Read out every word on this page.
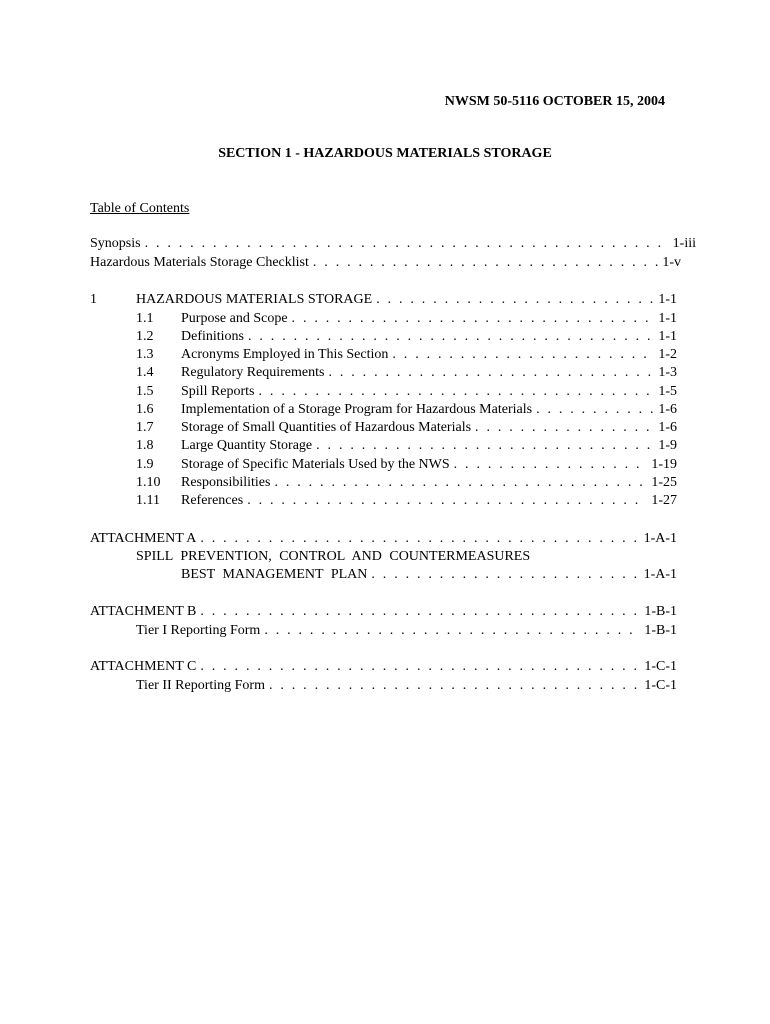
NWSM 50-5116 OCTOBER 15, 2004
SECTION 1 - HAZARDOUS MATERIALS STORAGE
Table of Contents
Synopsis . . .	1-iii
Hazardous Materials Storage Checklist . . .	1-v
1	HAZARDOUS MATERIALS STORAGE . . .	1-1
1.1 Purpose and Scope . . .	1-1
1.2 Definitions . . .	1-1
1.3 Acronyms Employed in This Section . . .	1-2
1.4 Regulatory Requirements . . .	1-3
1.5 Spill Reports . . .	1-5
1.6 Implementation of a Storage Program for Hazardous Materials . . .	1-6
1.7 Storage of Small Quantities of Hazardous Materials . . .	1-6
1.8 Large Quantity Storage . . .	1-9
1.9 Storage of Specific Materials Used by the NWS . . .	1-19
1.10 Responsibilities . . .	1-25
1.11 References . . .	1-27
ATTACHMENT A . . .	1-A-1
SPILL PREVENTION, CONTROL AND COUNTERMEASURES
BEST MANAGEMENT PLAN . . .	1-A-1
ATTACHMENT B . . .	1-B-1
Tier I Reporting Form . . .	1-B-1
ATTACHMENT C . . .	1-C-1
Tier II Reporting Form . . .	1-C-1
